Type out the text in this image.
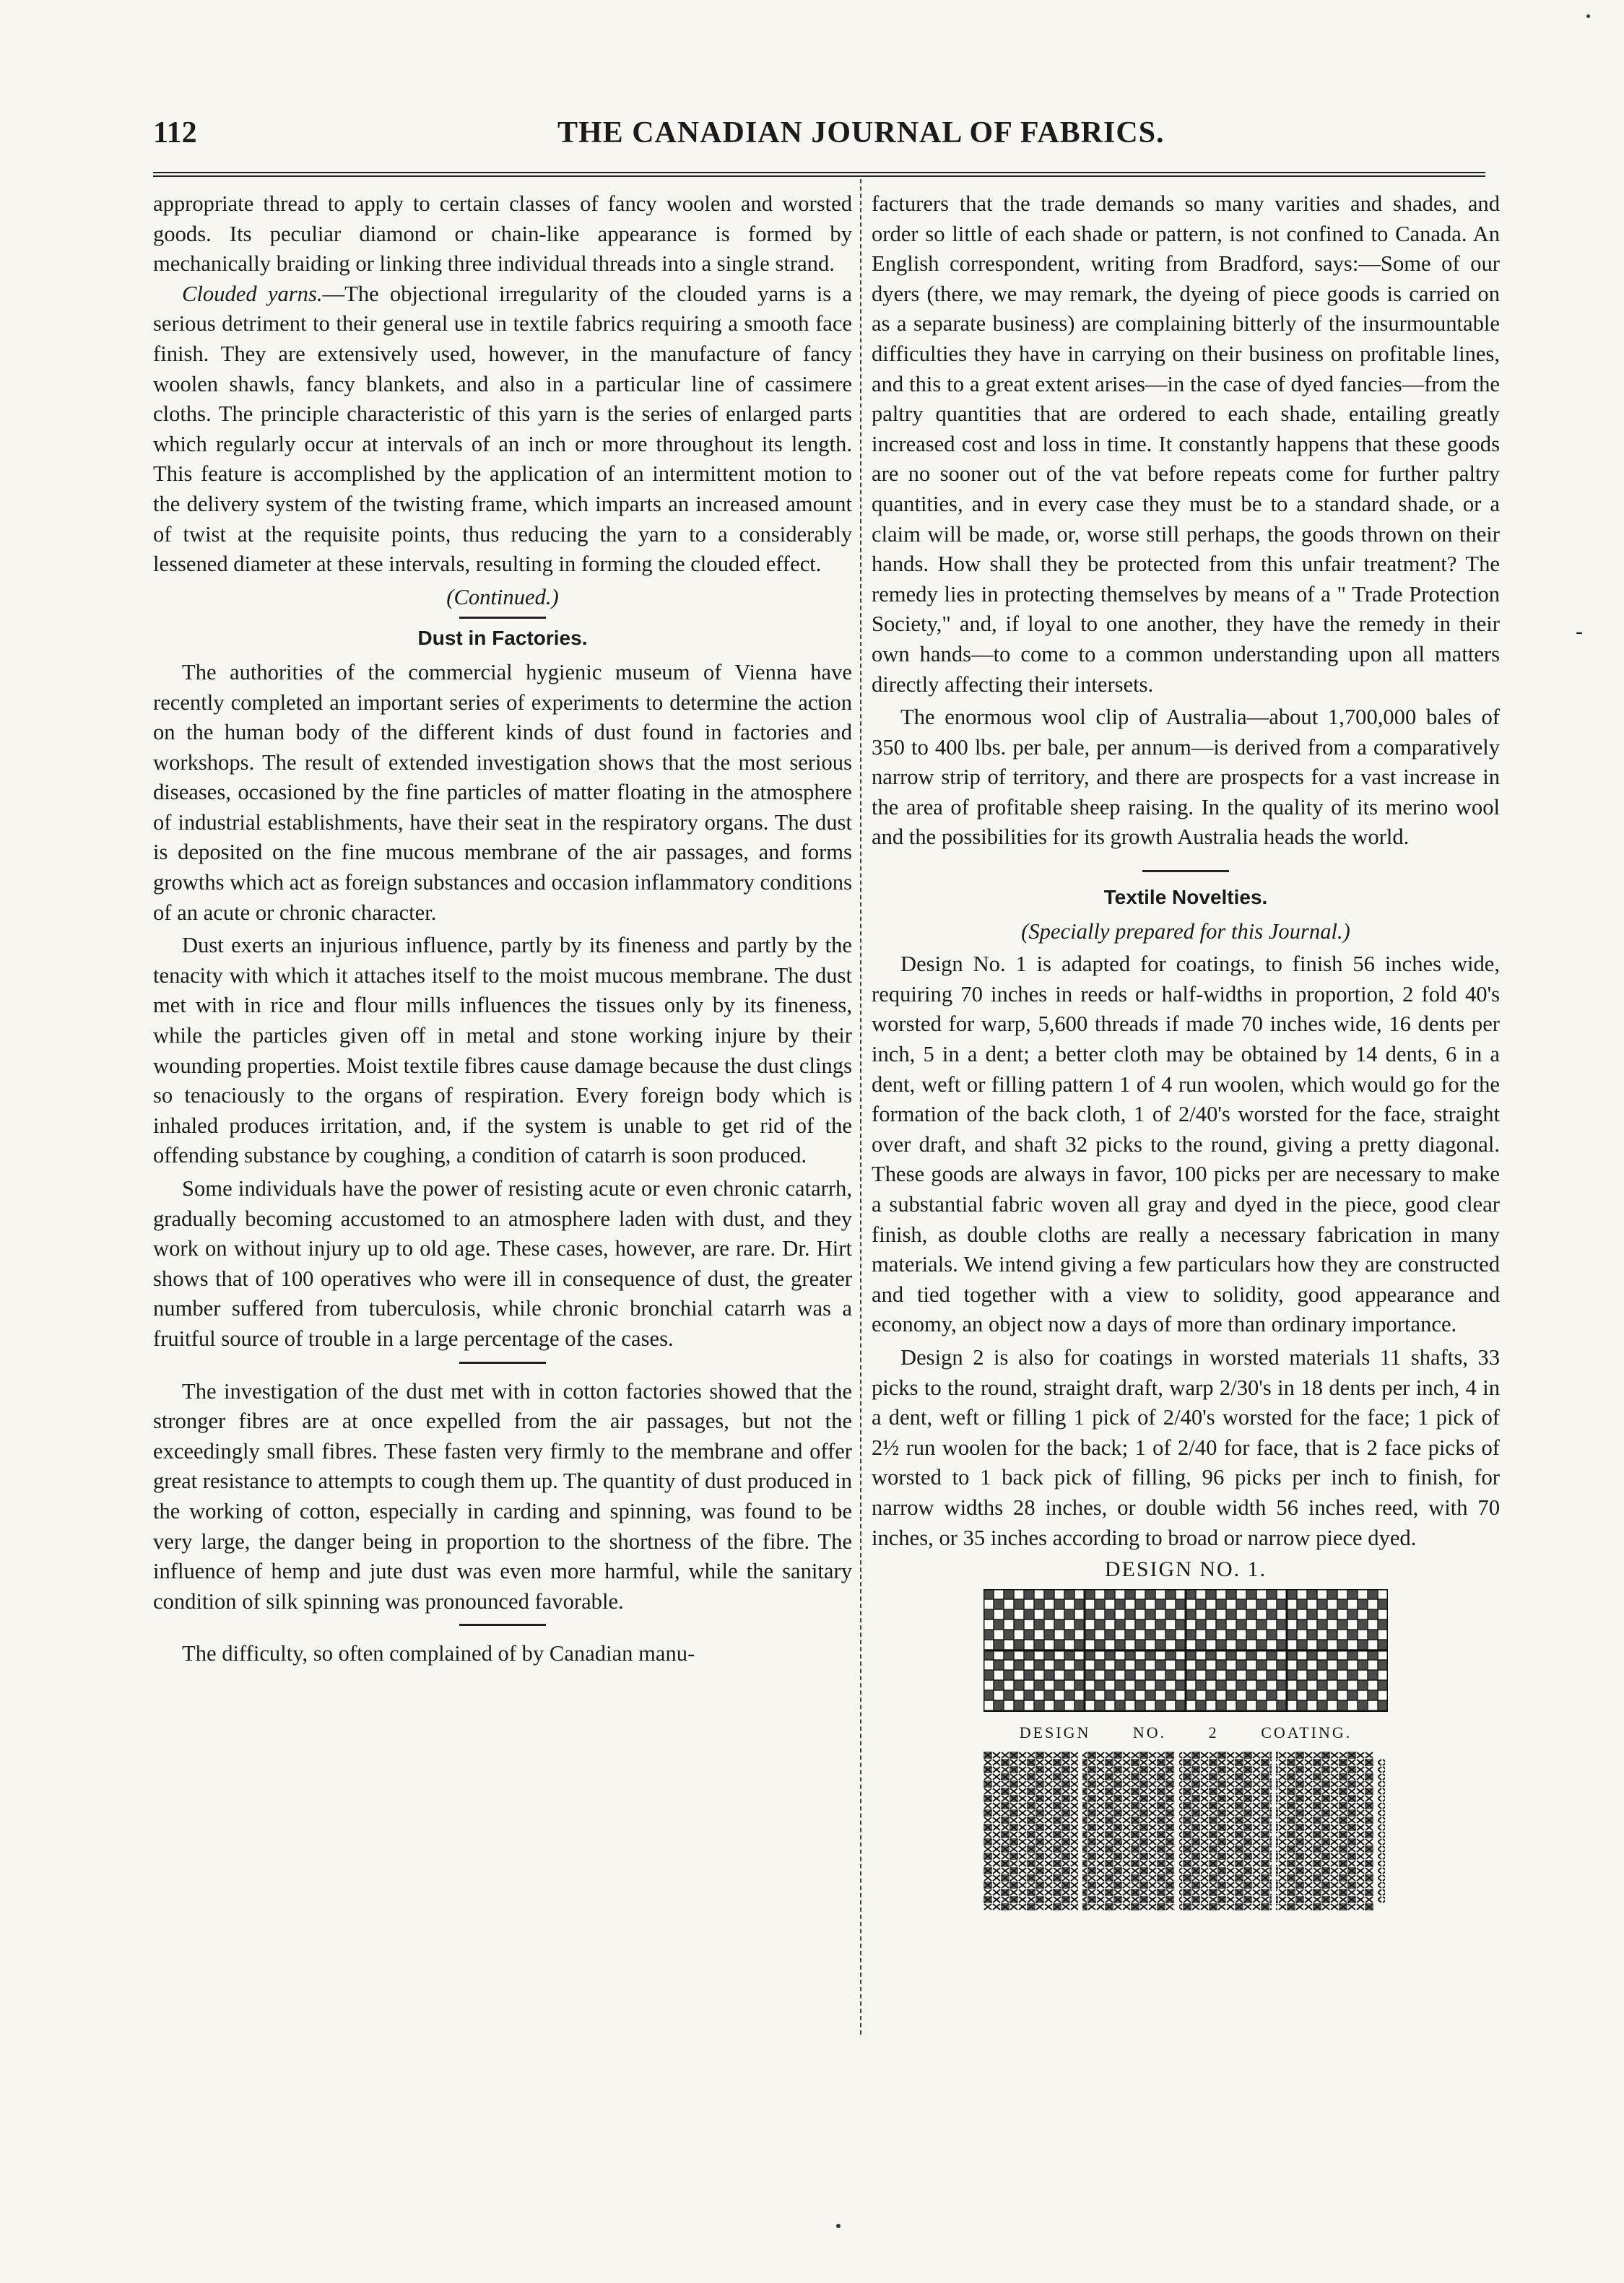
112	THE CANADIAN JOURNAL OF FABRICS.

appropriate thread to apply to certain classes of fancy woolen and worsted goods. Its peculiar diamond or chain-like appearance is formed by mechanically braiding or linking three individual threads into a single strand.

Clouded yarns.—The objectional irregularity of the clouded yarns is a serious detriment to their general use in textile fabrics requiring a smooth face finish. They are extensively used, however, in the manufacture of fancy woolen shawls, fancy blankets, and also in a particular line of cassimere cloths. The principle characteristic of this yarn is the series of enlarged parts which regularly occur at intervals of an inch or more throughout its length. This feature is accomplished by the application of an intermittent motion to the delivery system of the twisting frame, which imparts an increased amount of twist at the requisite points, thus reducing the yarn to a considerably lessened diameter at these intervals, resulting in forming the clouded effect.

(Continued.)

Dust in Factories.

The authorities of the commercial hygienic museum of Vienna have recently completed an important series of experiments to determine the action on the human body of the different kinds of dust found in factories and workshops. The result of extended investigation shows that the most serious diseases, occasioned by the fine particles of matter floating in the atmosphere of industrial establishments, have their seat in the respiratory organs. The dust is deposited on the fine mucous membrane of the air passages, and forms growths which act as foreign substances and occasion inflammatory conditions of an acute or chronic character.

Dust exerts an injurious influence, partly by its fineness and partly by the tenacity with which it attaches itself to the moist mucous membrane. The dust met with in rice and flour mills influences the tissues only by its fineness, while the particles given off in metal and stone working injure by their wounding properties. Moist textile fibres cause damage because the dust clings so tenaciously to the organs of respiration. Every foreign body which is inhaled produces irritation, and, if the system is unable to get rid of the offending substance by coughing, a condition of catarrh is soon produced.

Some individuals have the power of resisting acute or even chronic catarrh, gradually becoming accustomed to an atmosphere laden with dust, and they work on without injury up to old age. These cases, however, are rare. Dr. Hirt shows that of 100 operatives who were ill in consequence of dust, the greater number suffered from tuberculosis, while chronic bronchial catarrh was a fruitful source of trouble in a large percentage of the cases.

The investigation of the dust met with in cotton factories showed that the stronger fibres are at once expelled from the air passages, but not the exceedingly small fibres. These fasten very firmly to the membrane and offer great resistance to attempts to cough them up. The quantity of dust produced in the working of cotton, especially in carding and spinning, was found to be very large, the danger being in proportion to the shortness of the fibre. The influence of hemp and jute dust was even more harmful, while the sanitary condition of silk spinning was pronounced favorable.

The difficulty, so often complained of by Canadian manu-

facturers that the trade demands so many varities and shades, and order so little of each shade or pattern, is not confined to Canada. An English correspondent, writing from Bradford, says:—Some of our dyers (there, we may remark, the dyeing of piece goods is carried on as a separate business) are complaining bitterly of the insurmountable difficulties they have in carrying on their business on profitable lines, and this to a great extent arises—in the case of dyed fancies—from the paltry quantities that are ordered to each shade, entailing greatly increased cost and loss in time. It constantly happens that these goods are no sooner out of the vat before repeats come for further paltry quantities, and in every case they must be to a standard shade, or a claim will be made, or, worse still perhaps, the goods thrown on their hands. How shall they be protected from this unfair treatment? The remedy lies in protecting themselves by means of a " Trade Protection Society," and, if loyal to one another, they have the remedy in their own hands—to come to a common understanding upon all matters directly affecting their intersets.

The enormous wool clip of Australia—about 1,700,000 bales of 350 to 400 lbs. per bale, per annum—is derived from a comparatively narrow strip of territory, and there are prospects for a vast increase in the area of profitable sheep raising. In the quality of its merino wool and the possibilities for its growth Australia heads the world.

Textile Novelties.

(Specially prepared for this Journal.)

Design No. 1 is adapted for coatings, to finish 56 inches wide, requiring 70 inches in reeds or half-widths in proportion, 2 fold 40's worsted for warp, 5,600 threads if made 70 inches wide, 16 dents per inch, 5 in a dent; a better cloth may be obtained by 14 dents, 6 in a dent, weft or filling pattern 1 of 4 run woolen, which would go for the formation of the back cloth, 1 of 2/40's worsted for the face, straight over draft, and shaft 32 picks to the round, giving a pretty diagonal. These goods are always in favor, 100 picks per are necessary to make a substantial fabric woven all gray and dyed in the piece, good clear finish, as double cloths are really a necessary fabrication in many materials. We intend giving a few particulars how they are constructed and tied together with a view to solidity, good appearance and economy, an object now a days of more than ordinary importance.

Design 2 is also for coatings in worsted materials 11 shafts, 33 picks to the round, straight draft, warp 2/30's in 18 dents per inch, 4 in a dent, weft or filling 1 pick of 2/40's worsted for the face; 1 pick of 2½ run woolen for the back; 1 of 2/40 for face, that is 2 face picks of worsted to 1 back pick of filling, 96 picks per inch to finish, for narrow widths 28 inches, or double width 56 inches reed, with 70 inches, or 35 inches according to broad or narrow piece dyed.

DESIGN NO. 1.

DESIGN	NO. 2	COATING.

-
